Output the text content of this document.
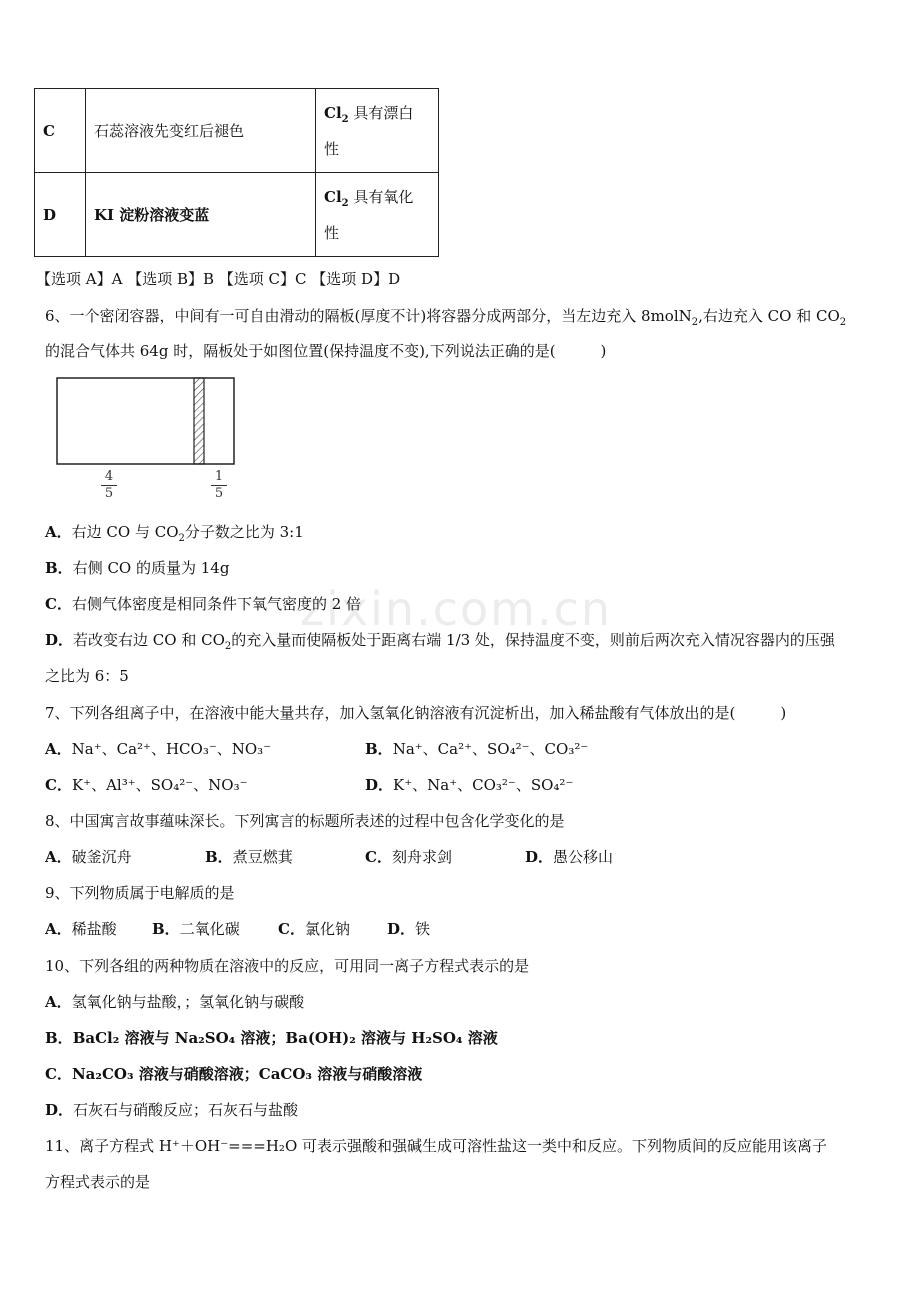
zixin.com.cn
C	石蕊溶液先变红后褪色	$Cl_2$ 具有漂白
性
D	KI 淀粉溶液变蓝	$Cl_2$ 具有氧化
性
【选项 A】A 【选项 B】B 【选项 C】C 【选项 D】D
6、一个密闭容器，中间有一可自由滑动的隔板(厚度不计)将容器分成两部分，当左边充入 8molN$_2$,右边充入 CO 和 $CO_2$
的混合气体共 64g 时，隔板处于如图位置(保持温度不变),下列说法正确的是(　　　)
4
5
1
5
A．右边 CO 与 $CO_2$分子数之比为 3:1
B．右侧 CO 的质量为 14g
C．右侧气体密度是相同条件下氧气密度的 2 倍
D．若改变右边 CO 和 $CO_2$的充入量而使隔板处于距离右端 1/3 处，保持温度不变，则前后两次充入情况容器内的压强
之比为 6：5
7、下列各组离子中，在溶液中能大量共存，加入氢氧化钠溶液有沉淀析出，加入稀盐酸有气体放出的是(　　　)
A．Na⁺、Ca²⁺、HCO₃⁻、NO₃⁻	B．Na⁺、Ca²⁺、SO₄²⁻、CO₃²⁻
C．K⁺、Al³⁺、SO₄²⁻、NO₃⁻	D．K⁺、Na⁺、CO₃²⁻、SO₄²⁻
8、中国寓言故事蕴味深长。下列寓言的标题所表述的过程中包含化学变化的是
A．破釜沉舟	B．煮豆燃萁	C．刻舟求剑	D．愚公移山
9、下列物质属于电解质的是
A．稀盐酸 B．二氧化碳	C．氯化钠 D．铁
10、下列各组的两种物质在溶液中的反应，可用同一离子方程式表示的是
A．氢氧化钠与盐酸，；氢氧化钠与碳酸
B．BaCl₂ 溶液与 Na₂SO₄ 溶液；Ba(OH)₂ 溶液与 H₂SO₄ 溶液
C．Na₂CO₃ 溶液与硝酸溶液；CaCO₃ 溶液与硝酸溶液
D．石灰石与硝酸反应；石灰石与盐酸
11、离子方程式 H⁺＋OH⁻===H₂O 可表示强酸和强碱生成可溶性盐这一类中和反应。下列物质间的反应能用该离子
方程式表示的是
